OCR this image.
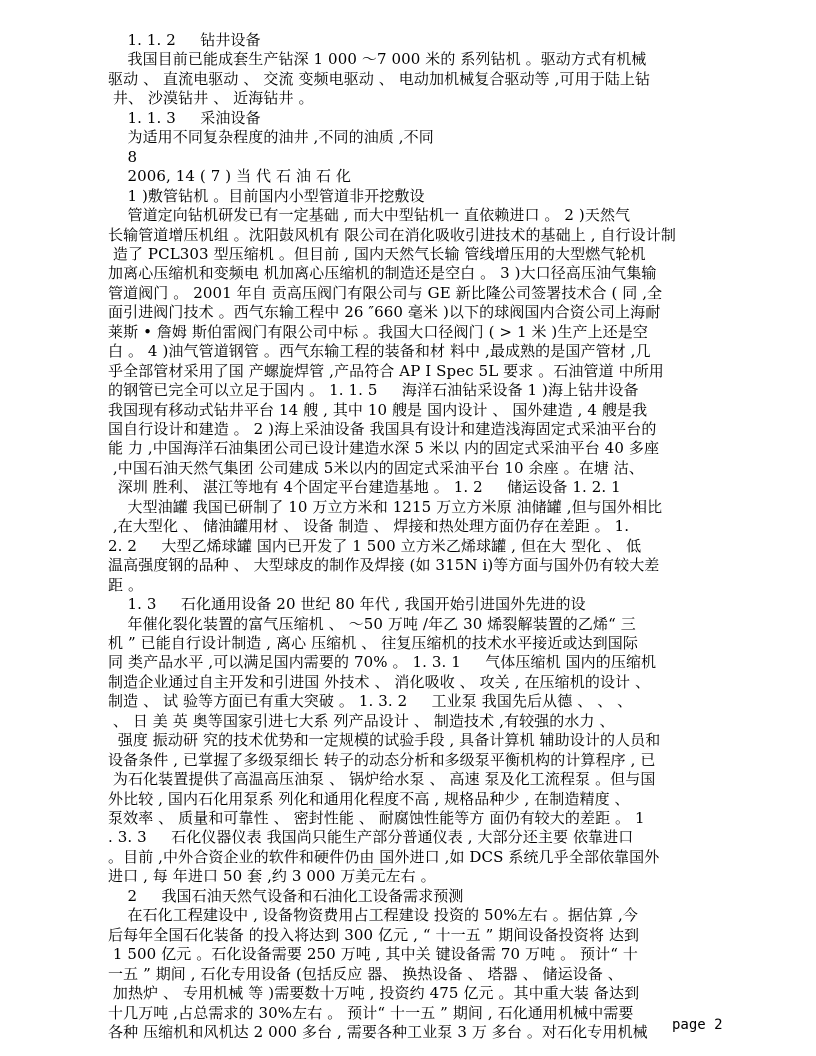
1. 1. 2     钻井设备
我国目前已能成套生产钻深 1 000 ～7 000 米的 系列钻机 。驱动方式有机械
驱动 、 直流电驱动 、 交流 变频电驱动 、 电动加机械复合驱动等 ,可用于陆上钻
井、 沙漠钻井 、 近海钻井 。
1. 1. 3     采油设备
为适用不同复杂程度的油井 ,不同的油质 ,不同
8
2006, 14 ( 7 ) 当 代 石 油 石 化
1 )敷管钻机 。目前国内小型管道非开挖敷设
管道定向钻机研发已有一定基础 , 而大中型钻机一 直依赖进口 。 2 )天然气
长输管道增压机组 。沈阳鼓风机有 限公司在消化吸收引进技术的基础上 , 自行设计制
造了 PCL303 型压缩机 。但目前 , 国内天然气长输 管线增压用的大型燃气轮机
加离心压缩机和变频电 机加离心压缩机的制造还是空白 。 3 )大口径高压油气集输
管道阀门 。 2001 年自 贡高压阀门有限公司与 GE 新比隆公司签署技术合 ( 同 ,全
面引进阀门技术 。西气东输工程中 26 ″660 毫米 )以下的球阀国内合资公司上海耐
莱斯 • 詹姆 斯伯雷阀门有限公司中标 。我国大口径阀门 ( > 1 米 )生产上还是空
白 。 4 )油气管道钢管 。西气东输工程的装备和材 料中 ,最成熟的是国产管材 ,几
乎全部管材采用了国 产螺旋焊管 ,产品符合 AP I Spec 5L 要求 。石油管道 中所用
的钢管已完全可以立足于国内 。 1. 1. 5     海洋石油钻采设备 1 )海上钻井设备
我国现有移动式钻井平台 14 艘 , 其中 10 艘是 国内设计 、 国外建造 , 4 艘是我
国自行设计和建造 。 2 )海上采油设备 我国具有设计和建造浅海固定式采油平台的
能 力 ,中国海洋石油集团公司已设计建造水深 5 米以 内的固定式采油平台 40 多座
,中国石油天然气集团 公司建成 5米以内的固定式采油平台 10 余座 。在塘 沽、
深圳 胜利、 湛江等地有 4个固定平台建造基地 。 1. 2     储运设备 1. 2. 1
大型油罐 我国已研制了 10 万立方米和 1215 万立方米原 油储罐 ,但与国外相比
,在大型化 、 储油罐用材 、 设备 制造 、 焊接和热处理方面仍存在差距 。 1.
2. 2     大型乙烯球罐 国内已开发了 1 500 立方米乙烯球罐 , 但在大 型化 、 低
温高强度钢的品种 、 大型球皮的制作及焊接 (如 315N i)等方面与国外仍有较大差
距 。
1. 3     石化通用设备 20 世纪 80 年代 , 我国开始引进国外先进的设
年催化裂化装置的富气压缩机 、 ～50 万吨 /年乙 30 烯裂解装置的乙烯“ 三
机 ” 已能自行设计制造 , 离心 压缩机 、 往复压缩机的技术水平接近或达到国际
同 类产品水平 ,可以满足国内需要的 70% 。 1. 3. 1     气体压缩机 国内的压缩机
制造企业通过自主开发和引进国 外技术 、 消化吸收 、 攻关 , 在压缩机的设计 、
制造 、 试 验等方面已有重大突破 。 1. 3. 2     工业泵 我国先后从德 、 、 、
、 日 美 英 奥等国家引进七大系 列产品设计 、 制造技术 ,有较强的水力 、
强度 振动研 究的技术优势和一定规模的试验手段 , 具备计算机 辅助设计的人员和
设备条件 , 已掌握了多级泵细长 转子的动态分析和多级泵平衡机构的计算程序 , 已
为石化装置提供了高温高压油泵 、 锅炉给水泵 、 高速 泵及化工流程泵 。但与国
外比较 , 国内石化用泵系 列化和通用化程度不高 , 规格品种少 , 在制造精度 、
泵效率 、 质量和可靠性 、 密封性能 、 耐腐蚀性能等方 面仍有较大的差距 。 1
. 3. 3     石化仪器仪表 我国尚只能生产部分普通仪表 , 大部分还主要 依靠进口
。目前 ,中外合资企业的软件和硬件仍由 国外进口 ,如 DCS 系统几乎全部依靠国外
进口 , 每 年进口 50 套 ,约 3 000 万美元左右 。
2     我国石油天然气设备和石油化工设备需求预测
在石化工程建设中 , 设备物资费用占工程建设 投资的 50%左右 。据估算 ,今
后每年全国石化装备 的投入将达到 300 亿元 , “ 十一五 ” 期间设备投资将 达到
1 500 亿元 。石化设备需要 250 万吨 , 其中关 键设备需 70 万吨 。 预计“ 十
一五 ” 期间 , 石化专用设备 (包括反应 器、 换热设备 、 塔器 、 储运设备 、
加热炉 、 专用机械 等 )需要数十万吨 , 投资约 475 亿元 。其中重大装 备达到
十几万吨 ,占总需求的 30%左右 。 预计“ 十一五 ” 期间 , 石化通用机械中需要
各种 压缩机和风机达 2 000 多台 , 需要各种工业泵 3 万 多台 。对石化专用机械 page 2
